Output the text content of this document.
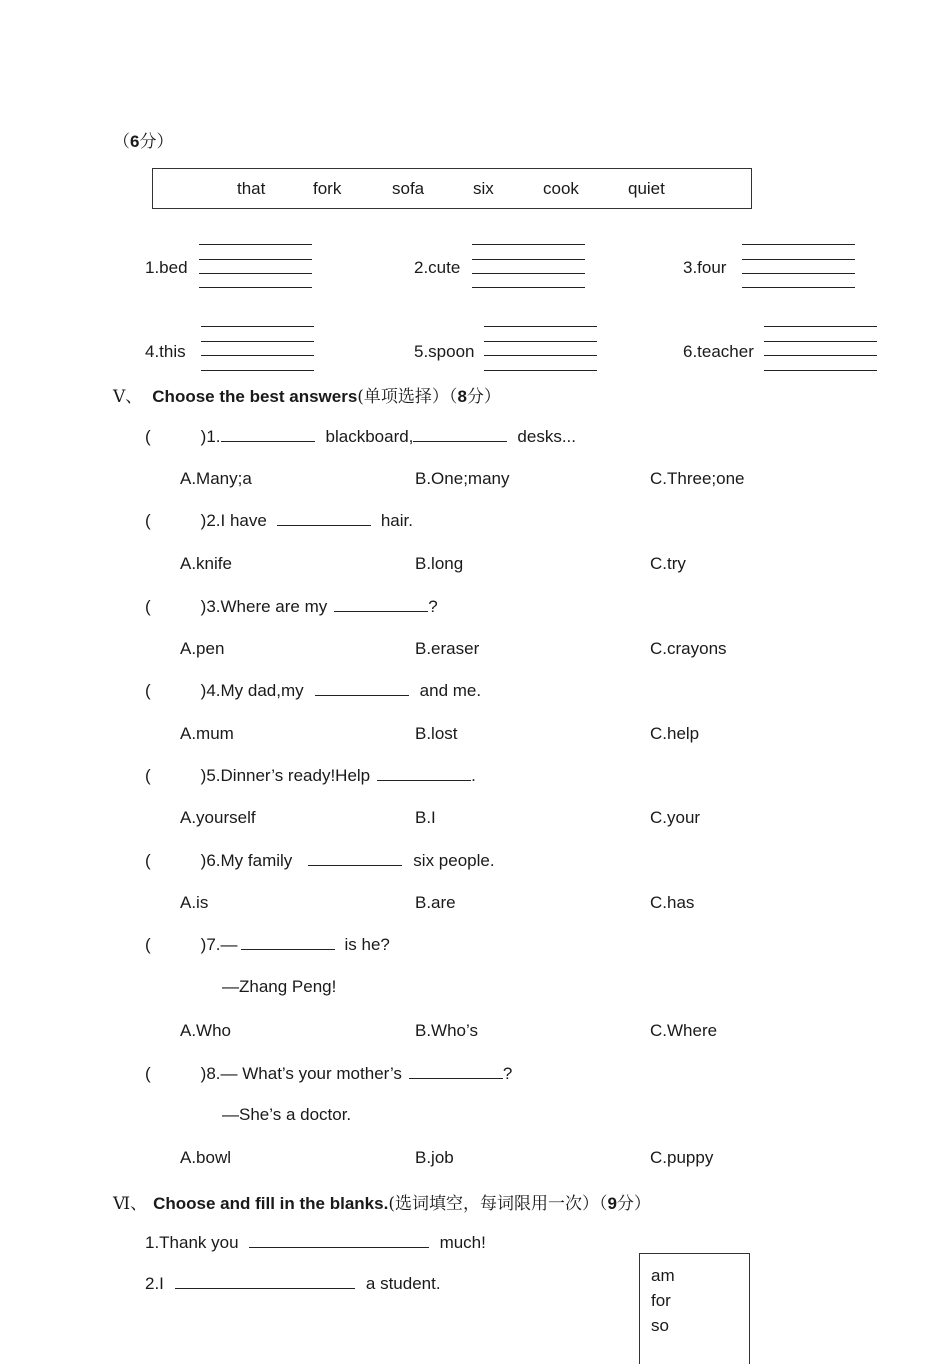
（6分）
that	fork	sofa	six	cook	quiet
1.bed	2.cute	3.four
4.this	5.spoon	6.teacher
Ⅴ、 Choose the best answers(单项选择）（8分）
(	)1.	blackboard,	desks...
A.Many;a	B.One;many	C.Three;one
(	)2.I have	hair.
A.knife	B.long	C.try
(	)3.Where are my	?
A.pen	B.eraser	C.crayons
(	)4.My dad,my	and me.
A.mum	B.lost	C.help
(	)5.Dinner’s ready!Help	.
A.yourself	B.I	C.your
(	)6.My family	six people.
A.is	B.are	C.has
(	)7.—	is he?
—Zhang Peng!
A.Who	B.Who’s	C.Where
(	)8.— What’s your mother’s	?
—She’s a doctor.
A.bowl	B.job	C.puppy
Ⅵ、 Choose and fill in the blanks.(选词填空，每词限用一次）（9分）
1.Thank you	much!
2.I	a student.	am
for
so
